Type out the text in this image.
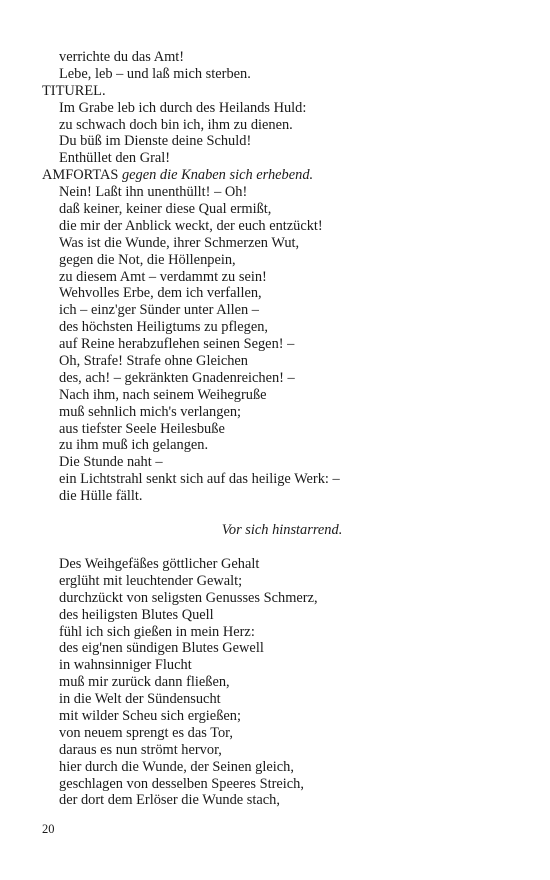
verrichte du das Amt!
Lebe, leb – und laß mich sterben.
TITUREL.
Im Grabe leb ich durch des Heilands Huld:
zu schwach doch bin ich, ihm zu dienen.
Du büß im Dienste deine Schuld!
Enthüllet den Gral!
AMFORTAS gegen die Knaben sich erhebend.
Nein! Laßt ihn unenthüllt! – Oh!
daß keiner, keiner diese Qual ermißt,
die mir der Anblick weckt, der euch entzückt!
Was ist die Wunde, ihrer Schmerzen Wut,
gegen die Not, die Höllenpein,
zu diesem Amt – verdammt zu sein!
Wehvolles Erbe, dem ich verfallen,
ich – einz'ger Sünder unter Allen –
des höchsten Heiligtums zu pflegen,
auf Reine herabzuflehen seinen Segen! –
Oh, Strafe! Strafe ohne Gleichen
des, ach! – gekränkten Gnadenreichen! –
Nach ihm, nach seinem Weihegruße
muß sehnlich mich's verlangen;
aus tiefster Seele Heilesbuße
zu ihm muß ich gelangen.
Die Stunde naht –
ein Lichtstrahl senkt sich auf das heilige Werk: –
die Hülle fällt.
Vor sich hinstarrend.
Des Weihgefäßes göttlicher Gehalt
erglüht mit leuchtender Gewalt;
durchzückt von seligsten Genusses Schmerz,
des heiligsten Blutes Quell
fühl ich sich gießen in mein Herz:
des eig'nen sündigen Blutes Gewell
in wahnsinniger Flucht
muß mir zurück dann fließen,
in die Welt der Sündensucht
mit wilder Scheu sich ergießen;
von neuem sprengt es das Tor,
daraus es nun strömt hervor,
hier durch die Wunde, der Seinen gleich,
geschlagen von desselben Speeres Streich,
der dort dem Erlöser die Wunde stach,
20
